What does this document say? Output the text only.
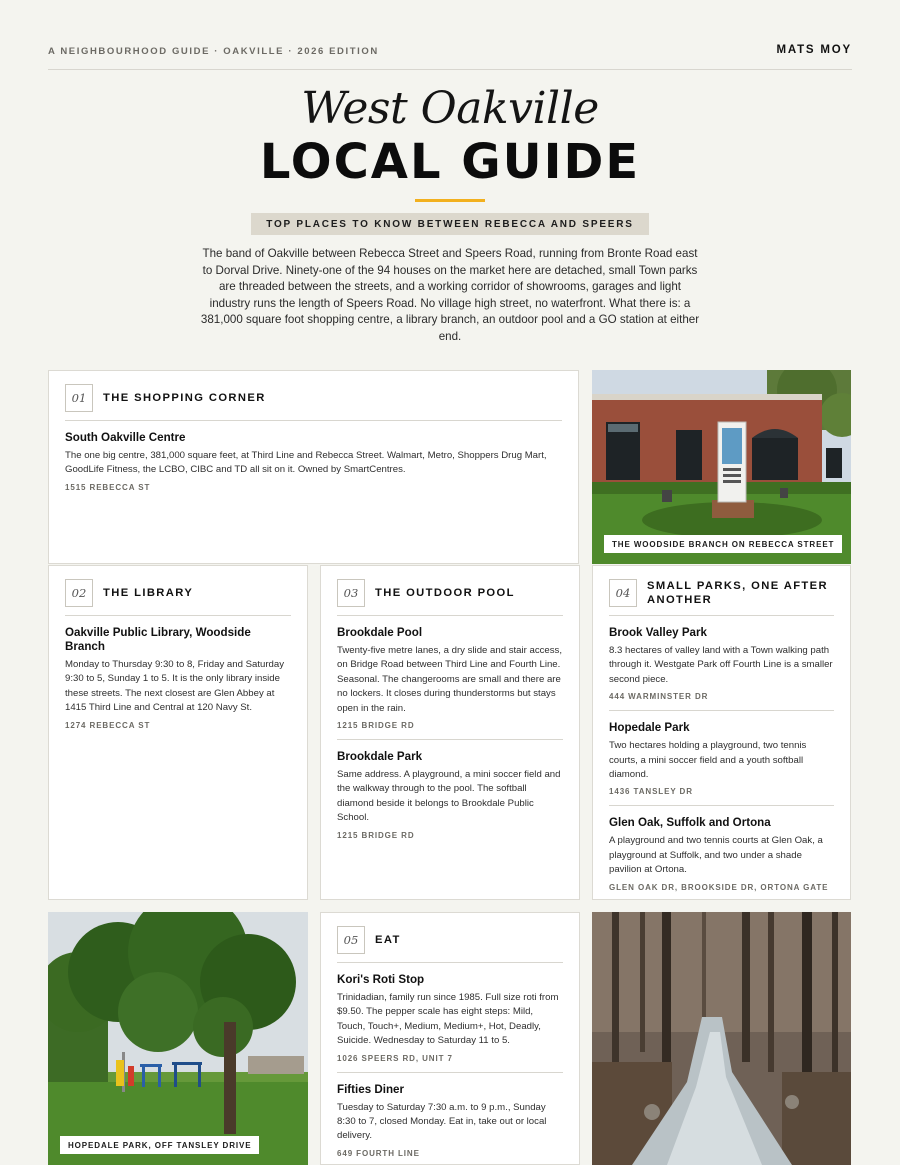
A NEIGHBOURHOOD GUIDE · OAKVILLE · 2026 EDITION	MATS MOY
West Oakville
LOCAL GUIDE
TOP PLACES TO KNOW BETWEEN REBECCA AND SPEERS

The band of Oakville between Rebecca Street and Speers Road, running from Bronte Road east to Dorval Drive. Ninety-one of the 94 houses on the market here are detached, small Town parks are threaded between the streets, and a working corridor of showrooms, garages and light industry runs the length of Speers Road. No village high street, no waterfront. What there is: a 381,000 square foot shopping centre, a library branch, an outdoor pool and a GO station at either end.

01	THE SHOPPING CORNER
South Oakville Centre
The one big centre, 381,000 square feet, at Third Line and Rebecca Street. Walmart, Metro, Shoppers Drug Mart, GoodLife Fitness, the LCBO, CIBC and TD all sit on it. Owned by SmartCentres.
1515 REBECCA ST
THE WOODSIDE BRANCH ON REBECCA STREET
02	THE LIBRARY
Oakville Public Library, Woodside Branch
Monday to Thursday 9:30 to 8, Friday and Saturday 9:30 to 5, Sunday 1 to 5. It is the only library inside these streets. The next closest are Glen Abbey at 1415 Third Line and Central at 120 Navy St.
1274 REBECCA ST
03	THE OUTDOOR POOL
Brookdale Pool
Twenty-five metre lanes, a dry slide and stair access, on Bridge Road between Third Line and Fourth Line. Seasonal. The changerooms are small and there are no lockers. It closes during thunderstorms but stays open in the rain.
1215 BRIDGE RD
Brookdale Park
Same address. A playground, a mini soccer field and the walkway through to the pool. The softball diamond beside it belongs to Brookdale Public School.
1215 BRIDGE RD
04	SMALL PARKS, ONE AFTER ANOTHER
Brook Valley Park
8.3 hectares of valley land with a Town walking path through it. Westgate Park off Fourth Line is a smaller second piece.
444 WARMINSTER DR
Hopedale Park
Two hectares holding a playground, two tennis courts, a mini soccer field and a youth softball diamond.
1436 TANSLEY DR
Glen Oak, Suffolk and Ortona
A playground and two tennis courts at Glen Oak, a playground at Suffolk, and two under a shade pavilion at Ortona.
GLEN OAK DR, BROOKSIDE DR, ORTONA GATE
HOPEDALE PARK, OFF TANSLEY DRIVE
05	EAT
Kori's Roti Stop
Trinidadian, family run since 1985. Full size roti from $9.50. The pepper scale has eight steps: Mild, Touch, Touch+, Medium, Medium+, Hot, Deadly, Suicide. Wednesday to Saturday 11 to 5.
1026 SPEERS RD, UNIT 7
Fifties Diner
Tuesday to Saturday 7:30 a.m. to 9 p.m., Sunday 8:30 to 7, closed Monday. Eat in, take out or local delivery.
649 FOURTH LINE
